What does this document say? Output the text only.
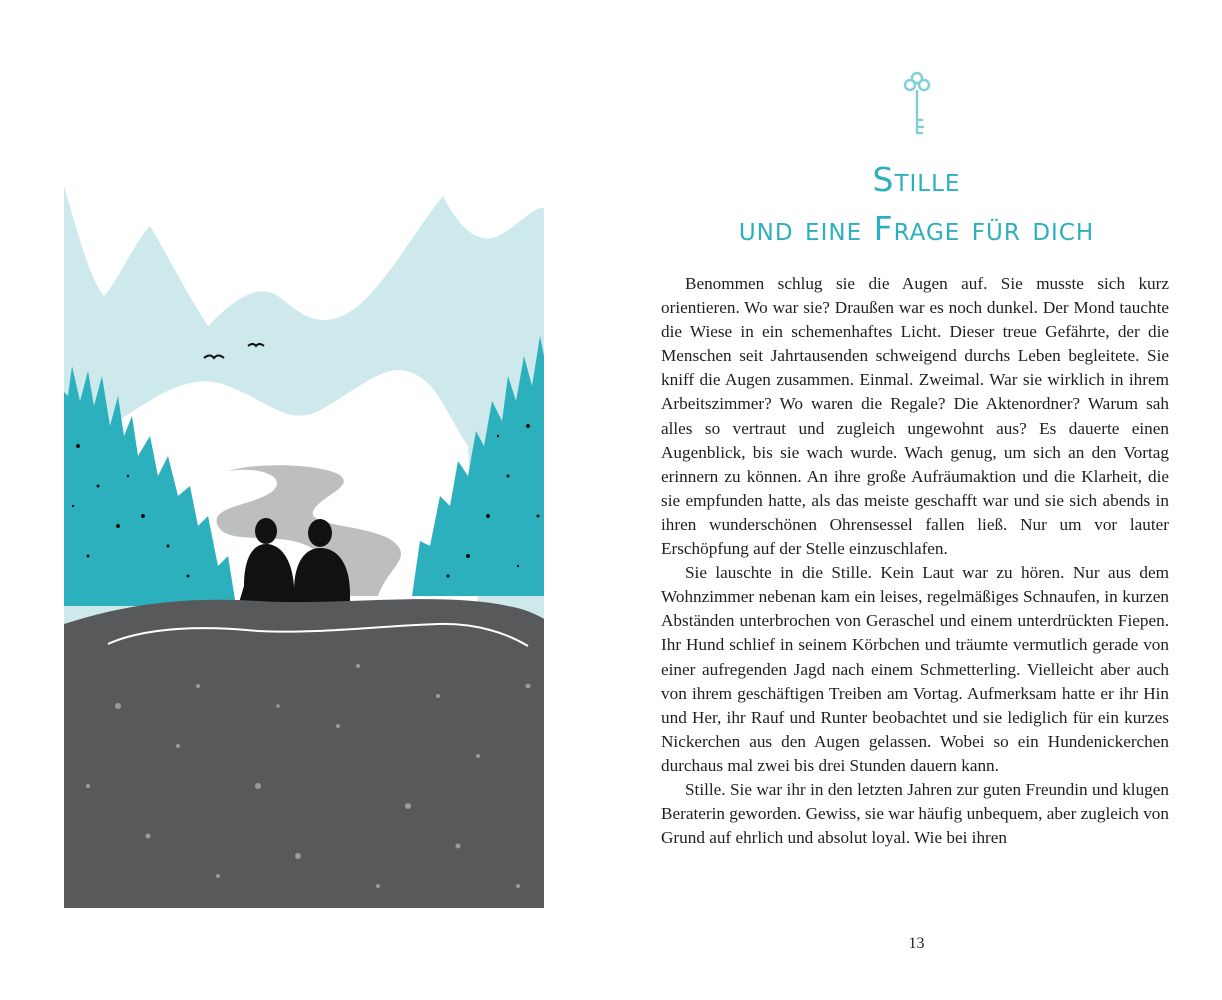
Stille
und eine Frage für dich

Benommen schlug sie die Augen auf. Sie musste sich kurz orientieren. Wo war sie? Draußen war es noch dunkel. Der Mond tauchte die Wiese in ein schemenhaftes Licht. Dieser treue Gefährte, der die Menschen seit Jahrtausenden schweigend durchs Leben begleitete. Sie kniff die Augen zusammen. Einmal. Zweimal. War sie wirklich in ihrem Arbeitszimmer? Wo waren die Regale? Die Aktenordner? Warum sah alles so vertraut und zugleich ungewohnt aus? Es dauerte einen Augenblick, bis sie wach wurde. Wach genug, um sich an den Vortag erinnern zu können. An ihre große Aufräumaktion und die Klarheit, die sie empfunden hatte, als das meiste geschafft war und sie sich abends in ihren wunderschönen Ohrensessel fallen ließ. Nur um vor lauter Erschöpfung auf der Stelle einzuschlafen.

Sie lauschte in die Stille. Kein Laut war zu hören. Nur aus dem Wohnzimmer nebenan kam ein leises, regelmäßiges Schnaufen, in kurzen Abständen unterbrochen von Geraschel und einem unterdrückten Fiepen. Ihr Hund schlief in seinem Körbchen und träumte vermutlich gerade von einer aufregenden Jagd nach einem Schmetterling. Vielleicht aber auch von ihrem geschäftigen Treiben am Vortag. Aufmerksam hatte er ihr Hin und Her, ihr Rauf und Runter beobachtet und sie lediglich für ein kurzes Nickerchen aus den Augen gelassen. Wobei so ein Hundenickerchen durchaus mal zwei bis drei Stunden dauern kann.

Stille. Sie war ihr in den letzten Jahren zur guten Freundin und klugen Beraterin geworden. Gewiss, sie war häufig unbequem, aber zugleich von Grund auf ehrlich und absolut loyal. Wie bei ihren

13
